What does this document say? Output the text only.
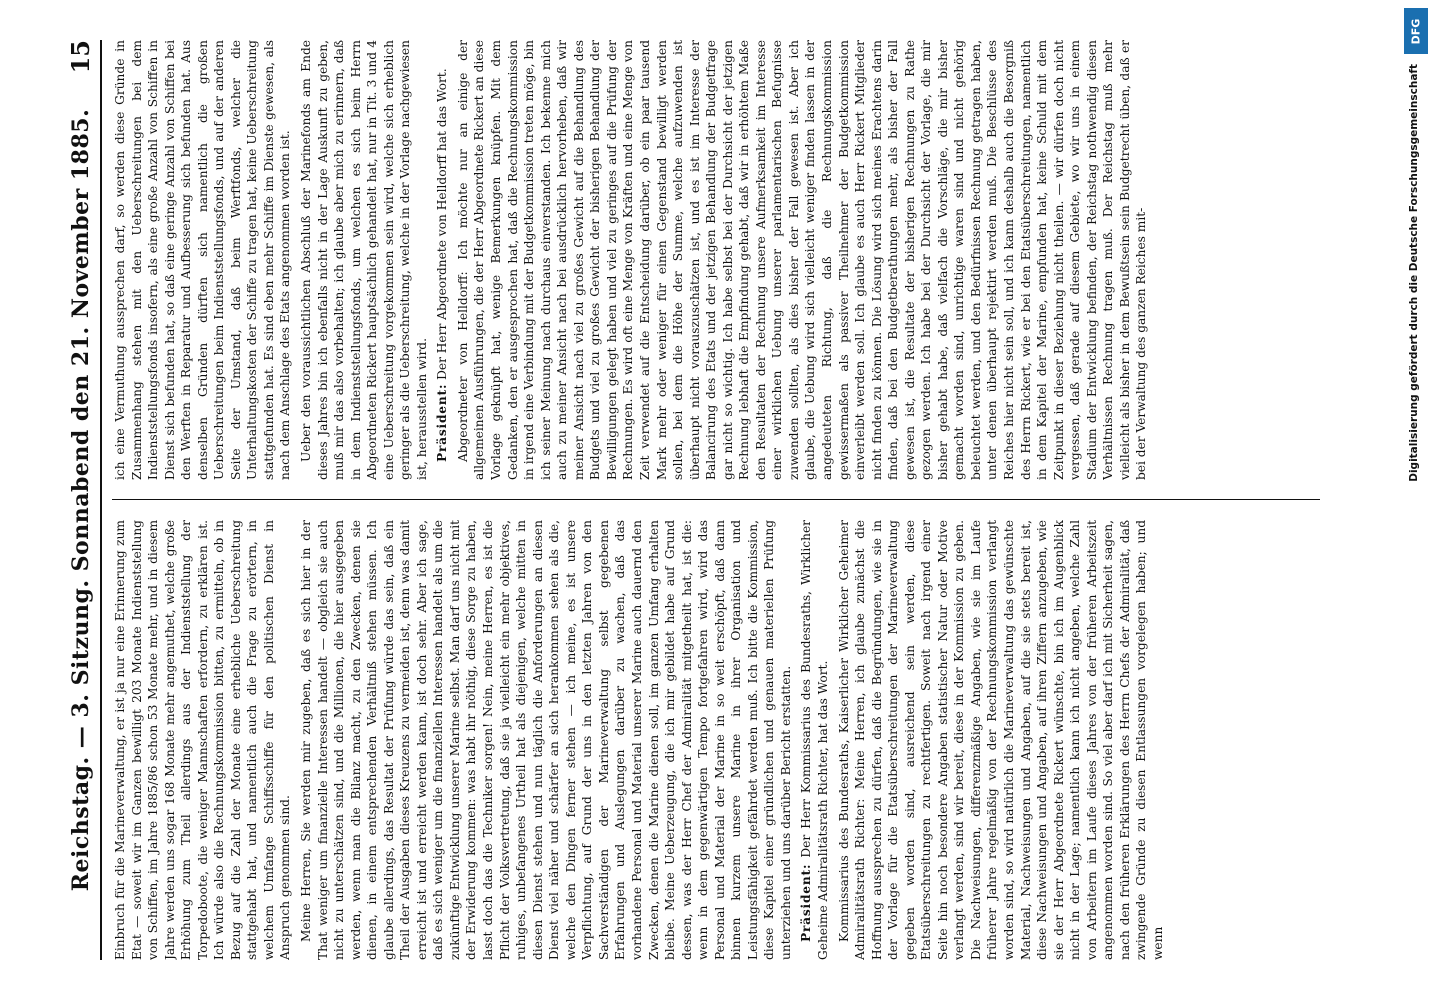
Reichstag. — 3. Sitzung. Sonnabend den 21. November 1885.
15

Einbruch für die Marineverwaltung, er ist ja nur eine Erinnerung zum Etat — soweit wir im Ganzen bewilligt 203 Monate Indienststellung von Schiffen, im Jahre 1885/86 schon 53 Monate mehr, und in diesem Jahre werden uns sogar 168 Monate mehr angemuthet, welche große Erhöhung zum Theil allerdings aus der Indienststellung der Torpedoboote, die weniger Mannschaften erfordern, zu erklären ist. Ich würde also die Rechnungskommission bitten, zu ermitteln, ob in Bezug auf die Zahl der Monate eine erhebliche Ueberschreitung stattgehabt hat, und namentlich auch die Frage zu erörtern, in welchem Umfange Schiffsschiffe für den politischen Dienst in Anspruch genommen sind. Meine Herren, Sie werden mir zugeben, daß es sich hier in der That weniger um finanzielle Interessen handelt — obgleich sie auch nicht zu unterschätzen sind, und die Millionen, die hier ausgegeben werden, wenn man die Bilanz macht, zu den Zwecken, denen sie dienen, in einem entsprechenden Verhältniß stehen müssen. Ich glaube allerdings, das Resultat der Prüfung würde das sein, daß ein Theil der Ausgaben dieses Kreuzens zu vermeiden ist, denn was damit erreicht ist und erreicht werden kann, ist doch sehr. Aber ich sage, daß es sich weniger um die finanziellen Interessen handelt als um die zukünftige Entwicklung unserer Marine selbst. Man darf uns nicht mit der Erwiderung kommen: was habt ihr nöthig, diese Sorge zu haben, lasst doch das die Techniker sorgen! Nein, meine Herren, es ist die Pflicht der Volksvertretung, daß sie ja vielleicht ein mehr objektives, ruhiges, unbefangenes Urtheil hat als diejenigen, welche mitten in diesen Dienst stehen und nun täglich die Anforderungen an diesen Dienst viel näher und schärfer an sich herankommen sehen als die, welche den Dingen ferner stehen — ich meine, es ist unsere Verpflichtung, auf Grund der uns in den letzten Jahren von den Sachverständigen der Marineverwaltung selbst gegebenen Erfahrungen und Auslegungen darüber zu wachen, daß das vorhandene Personal und Material unserer Marine auch dauernd den Zwecken, denen die Marine dienen soll, im ganzen Umfang erhalten bleibe. Meine Ueberzeugung, die ich mir gebildet habe auf Grund dessen, was der Herr Chef der Admiralität mitgetheilt hat, ist die: wenn in dem gegenwärtigen Tempo fortgefahren wird, wird das Personal und Material der Marine in so weit erschöpft, daß dann binnen kurzem unsere Marine in ihrer Organisation und Leistungsfähigkeit gefährdet werden muß. Ich bitte die Kommission, diese Kapitel einer gründlichen und genauen materiellen Prüfung unterziehen und uns darüber Bericht erstatten. Präsident: Der Herr Kommissarius des Bundesraths, Wirklicher Geheime Admiralitätsrath Richter, hat das Wort. Kommissarius des Bundesraths, Kaiserlicher Wirklicher Geheimer Admiralitätsrath Richter: Meine Herren, ich glaube zunächst die Hoffnung aussprechen zu dürfen, daß die Begründungen, wie sie in der Vorlage für die Etatsüberschreitungen der Marineverwaltung gegeben worden sind, ausreichend sein werden, diese Etatsüberschreitungen zu rechtfertigen. Soweit nach irgend einer Seite hin noch besondere Angaben statistischer Natur oder Motive verlangt werden, sind wir bereit, diese in der Kommission zu geben. Die Nachweisungen, differenzmäßige Angaben, wie sie im Laufe früherer Jahre regelmäßig von der Rechnungskommission verlangt worden sind, so wird natürlich die Marineverwaltung das gewünschte Material, Nachweisungen und Angaben, auf die sie stets bereit ist, diese Nachweisungen und Angaben, auf ihren Ziffern anzugeben, wie sie der Herr Abgeordnete Rickert wünschte, bin ich im Augenblick nicht in der Lage; namentlich kann ich nicht angeben, welche Zahl von Arbeitern im Laufe dieses Jahres von der früheren Arbeitszeit angenommen worden sind. So viel aber darf ich mit Sicherheit sagen, nach den früheren Erklärungen des Herrn Chefs der Admiralität, daß zwingende Gründe zu diesen Entlassungen vorgelegen haben; und wenn

ich eine Vermuthung aussprechen darf, so werden diese Gründe in Zusammenhang stehen mit den Ueberschreitungen bei dem Indienststellungsfonds insofern, als eine große Anzahl von Schiffen in Dienst sich befunden hat, so daß eine geringe Anzahl von Schiffen bei den Werften in Reparatur und Aufbesserung sich befunden hat. Aus denselben Gründen dürften sich namentlich die großen Ueberschreitungen beim Indienststellungsfonds, und auf der anderen Seite der Umstand, daß beim Werftfonds, welcher die Unterhaltungskosten der Schiffe zu tragen hat, keine Ueberschreitung stattgefunden hat. Es sind eben mehr Schiffe im Dienste gewesen, als nach dem Anschlage des Etats angenommen worden ist. Ueber den voraussichtlichen Abschluß der Marinefonds am Ende dieses Jahres bin ich ebenfalls nicht in der Lage Auskunft zu geben, muß mir das also vorbehalten; ich glaube aber mich zu erinnern, daß in dem Indienststellungsfonds, um welchen es sich beim Herrn Abgeordneten Rickert hauptsächlich gehandelt hat, nur in Tit. 3 und 4 eine Ueberschreitung vorgekommen sein wird, welche sich erheblich geringer als die Ueberschreitung, welche in der Vorlage nachgewiesen ist, herausstellen wird. Präsident: Der Herr Abgeordnete von Helldorff hat das Wort. Abgeordneter von Helldorff: Ich möchte nur an einige der allgemeinen Ausführungen, die der Herr Abgeordnete Rickert an diese Vorlage geknüpft hat, wenige Bemerkungen knüpfen. Mit dem Gedanken, den er ausgesprochen hat, daß die Rechnungskommission in irgend eine Verbindung mit der Budgetkommission treten möge, bin ich seiner Meinung nach durchaus einverstanden. Ich bekenne mich auch zu meiner Ansicht nach bei ausdrücklich hervorheben, daß wir meiner Ansicht nach viel zu großes Gewicht auf die Behandlung des Budgets und viel zu großes Gewicht der bisherigen Behandlung der Bewilligungen gelegt haben und viel zu geringes auf die Prüfung der Rechnungen. Es wird oft eine Menge von Kräften und eine Menge von Zeit verwendet auf die Entscheidung darüber, ob ein paar tausend Mark mehr oder weniger für einen Gegenstand bewilligt werden sollen, bei dem die Höhe der Summe, welche aufzuwenden ist überhaupt nicht vorauszuschätzen ist, und es ist im Interesse der Balancirung des Etats und der jetzigen Behandlung der Budgetfrage gar nicht so wichtig. Ich habe selbst bei der Durchsicht der jetzigen Rechnung lebhaft die Empfindung gehabt, daß wir in erhöhtem Maße den Resultaten der Rechnung unsere Aufmerksamkeit im Interesse einer wirklichen Uebung unserer parlamentarischen Befugnisse zuwenden sollten, als dies bisher der Fall gewesen ist. Aber ich glaube, die Uebung wird sich vielleicht weniger finden lassen in der angedeuteten Richtung, daß die Rechnungskommission gewissermaßen als passiver Theilnehmer der Budgetkommission einverleibt werden soll. Ich glaube es auch Herr Rickert Mitglieder nicht finden zu können. Die Lösung wird sich meines Erachtens darin finden, daß bei den Budgetberathungen mehr, als bisher der Fall gewesen ist, die Resultate der bisherigen Rechnungen zu Rathe gezogen werden. Ich habe bei der Durchsicht der Vorlage, die mir bisher gehabt habe, daß vielfach die Vorschläge, die mir bisher gemacht worden sind, unrichtige waren sind und nicht gehörig beleuchtet werden, und den Bedürfnissen Rechnung getragen haben, unter denen überhaupt rejektirt werden muß. Die Beschlüsse des Reiches hier nicht sein soll, und ich kann deshalb auch die Besorgniß des Herrn Rickert, wie er bei den Etatsüberschreitungen, namentlich in dem Kapitel der Marine, empfunden hat, keine Schuld mit dem Zeitpunkt in dieser Beziehung nicht theilen. — wir dürfen doch nicht vergessen, daß gerade auf diesem Gebiete, wo wir uns in einem Stadium der Entwicklung befinden, der Reichstag nothwendig diesen Verhältnissen Rechnung tragen muß. Der Reichstag muß mehr vielleicht als bisher in dem Bewußtsein sein Budgetrecht üben, daß er bei der Verwaltung des ganzen Reiches mit-

DFG
Digitalisierung gefördert durch die Deutsche Forschungsgemeinschaft
